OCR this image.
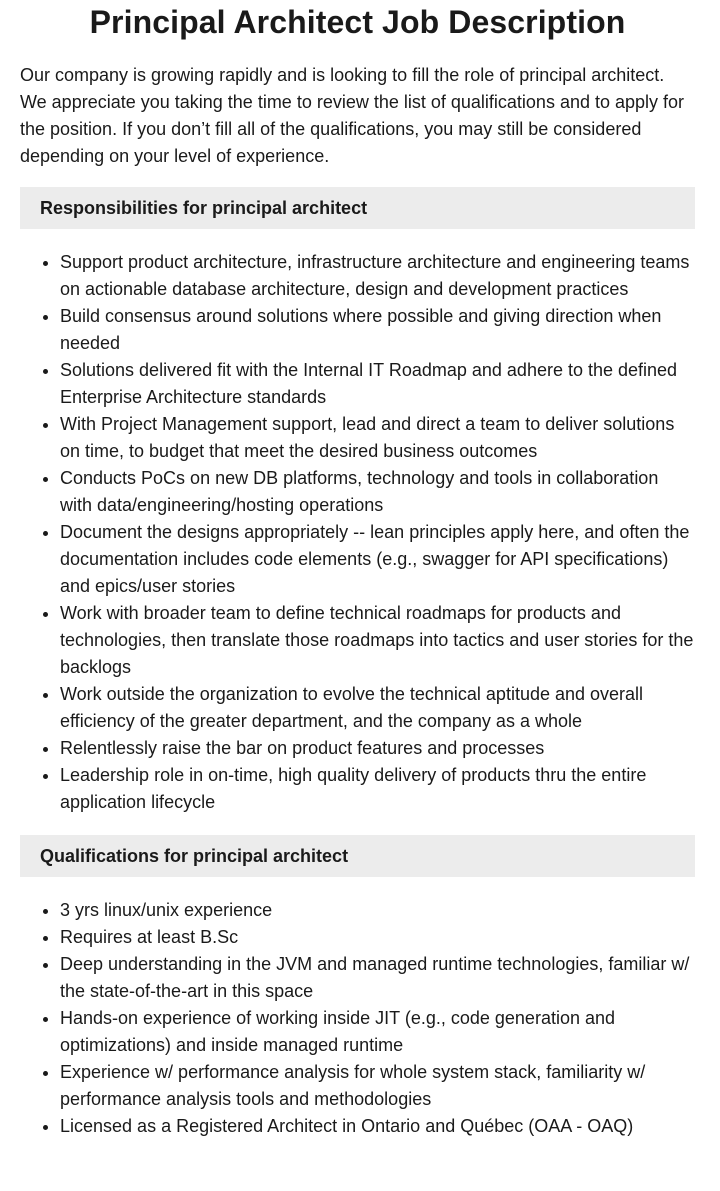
Principal Architect Job Description

Our company is growing rapidly and is looking to fill the role of principal architect. We appreciate you taking the time to review the list of qualifications and to apply for the position. If you don’t fill all of the qualifications, you may still be considered depending on your level of experience.

Responsibilities for principal architect
• Support product architecture, infrastructure architecture and engineering teams on actionable database architecture, design and development practices
• Build consensus around solutions where possible and giving direction when needed
• Solutions delivered fit with the Internal IT Roadmap and adhere to the defined Enterprise Architecture standards
• With Project Management support, lead and direct a team to deliver solutions on time, to budget that meet the desired business outcomes
• Conducts PoCs on new DB platforms, technology and tools in collaboration with data/engineering/hosting operations
• Document the designs appropriately -- lean principles apply here, and often the documentation includes code elements (e.g., swagger for API specifications) and epics/user stories
• Work with broader team to define technical roadmaps for products and technologies, then translate those roadmaps into tactics and user stories for the backlogs
• Work outside the organization to evolve the technical aptitude and overall efficiency of the greater department, and the company as a whole
• Relentlessly raise the bar on product features and processes
• Leadership role in on-time, high quality delivery of products thru the entire application lifecycle
Qualifications for principal architect
• 3 yrs linux/unix experience
• Requires at least B.Sc
• Deep understanding in the JVM and managed runtime technologies, familiar w/ the state-of-the-art in this space
• Hands-on experience of working inside JIT (e.g., code generation and optimizations) and inside managed runtime
• Experience w/ performance analysis for whole system stack, familiarity w/ performance analysis tools and methodologies
• Licensed as a Registered Architect in Ontario and Québec (OAA - OAQ)
